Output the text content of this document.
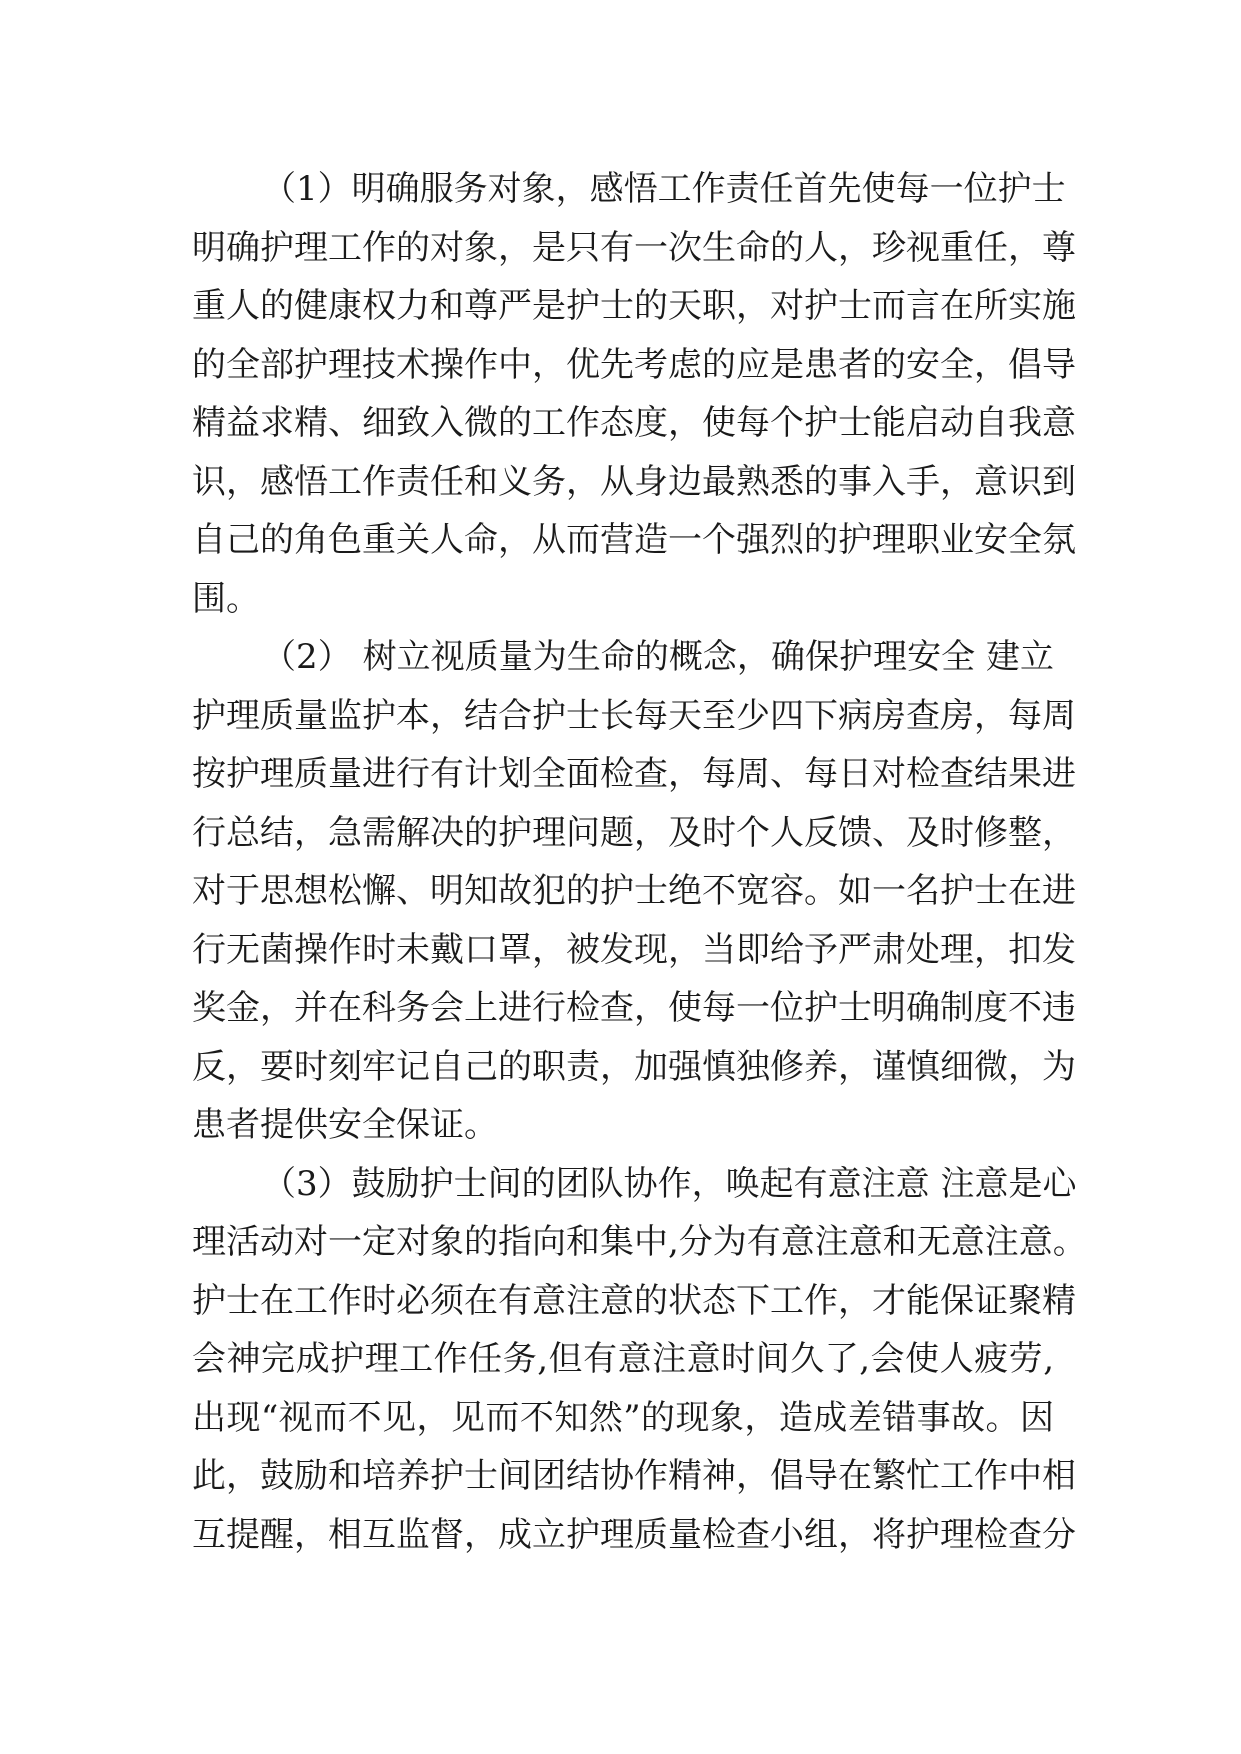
（1）明确服务对象，感悟工作责任首先使每一位护士
明确护理工作的对象，是只有一次生命的人，珍视重任，尊
重人的健康权力和尊严是护士的天职，对护士而言在所实施
的全部护理技术操作中，优先考虑的应是患者的安全，倡导
精益求精、细致入微的工作态度，使每个护士能启动自我意
识，感悟工作责任和义务，从身边最熟悉的事入手，意识到
自己的角色重关人命，从而营造一个强烈的护理职业安全氛
围。
（2） 树立视质量为生命的概念，确保护理安全 建立
护理质量监护本，结合护士长每天至少四下病房查房，每周
按护理质量进行有计划全面检查，每周、每日对检查结果进
行总结，急需解决的护理问题，及时个人反馈、及时修整，
对于思想松懈、明知故犯的护士绝不宽容。如一名护士在进
行无菌操作时未戴口罩，被发现，当即给予严肃处理，扣发
奖金，并在科务会上进行检查，使每一位护士明确制度不违
反，要时刻牢记自己的职责，加强慎独修养，谨慎细微，为
患者提供安全保证。
（3）鼓励护士间的团队协作，唤起有意注意 注意是心
理活动对一定对象的指向和集中,分为有意注意和无意注意。
护士在工作时必须在有意注意的状态下工作，才能保证聚精
会神完成护理工作任务,但有意注意时间久了,会使人疲劳,
出现“视而不见，见而不知然”的现象，造成差错事故。因
此，鼓励和培养护士间团结协作精神，倡导在繁忙工作中相
互提醒，相互监督，成立护理质量检查小组，将护理检查分
